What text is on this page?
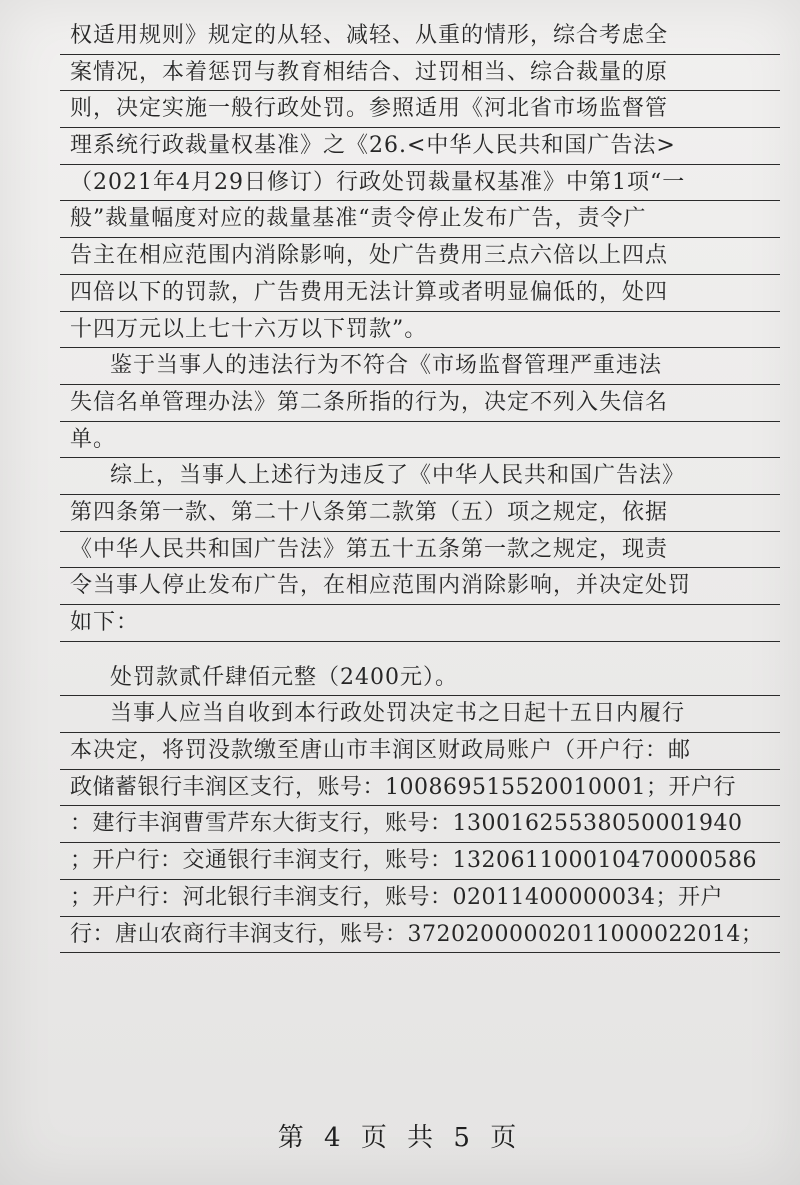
权适用规则》规定的从轻、减轻、从重的情形，综合考虑全
案情况，本着惩罚与教育相结合、过罚相当、综合裁量的原
则，决定实施一般行政处罚。参照适用《河北省市场监督管
理系统行政裁量权基准》之《26.<中华人民共和国广告法>
（2021年4月29日修订）行政处罚裁量权基准》中第1项“一
般”裁量幅度对应的裁量基准“责令停止发布广告，责令广
告主在相应范围内消除影响，处广告费用三点六倍以上四点
四倍以下的罚款，广告费用无法计算或者明显偏低的，处四
十四万元以上七十六万以下罚款”。
鉴于当事人的违法行为不符合《市场监督管理严重违法
失信名单管理办法》第二条所指的行为，决定不列入失信名
单。
综上，当事人上述行为违反了《中华人民共和国广告法》
第四条第一款、第二十八条第二款第（五）项之规定，依据
《中华人民共和国广告法》第五十五条第一款之规定，现责
令当事人停止发布广告，在相应范围内消除影响，并决定处罚
如下：
处罚款贰仟肆佰元整（2400元）。
当事人应当自收到本行政处罚决定书之日起十五日内履行
本决定，将罚没款缴至唐山市丰润区财政局账户（开户行：邮
政储蓄银行丰润区支行，账号：100869515520010001；开户行
：建行丰润曹雪芹东大街支行，账号：13001625538050001940
；开户行：交通银行丰润支行，账号：132061100010470000586
；开户行：河北银行丰润支行，账号：02011400000034；开户
行：唐山农商行丰润支行，账号：37202000002011000022014；
第 4 页 共 5 页
